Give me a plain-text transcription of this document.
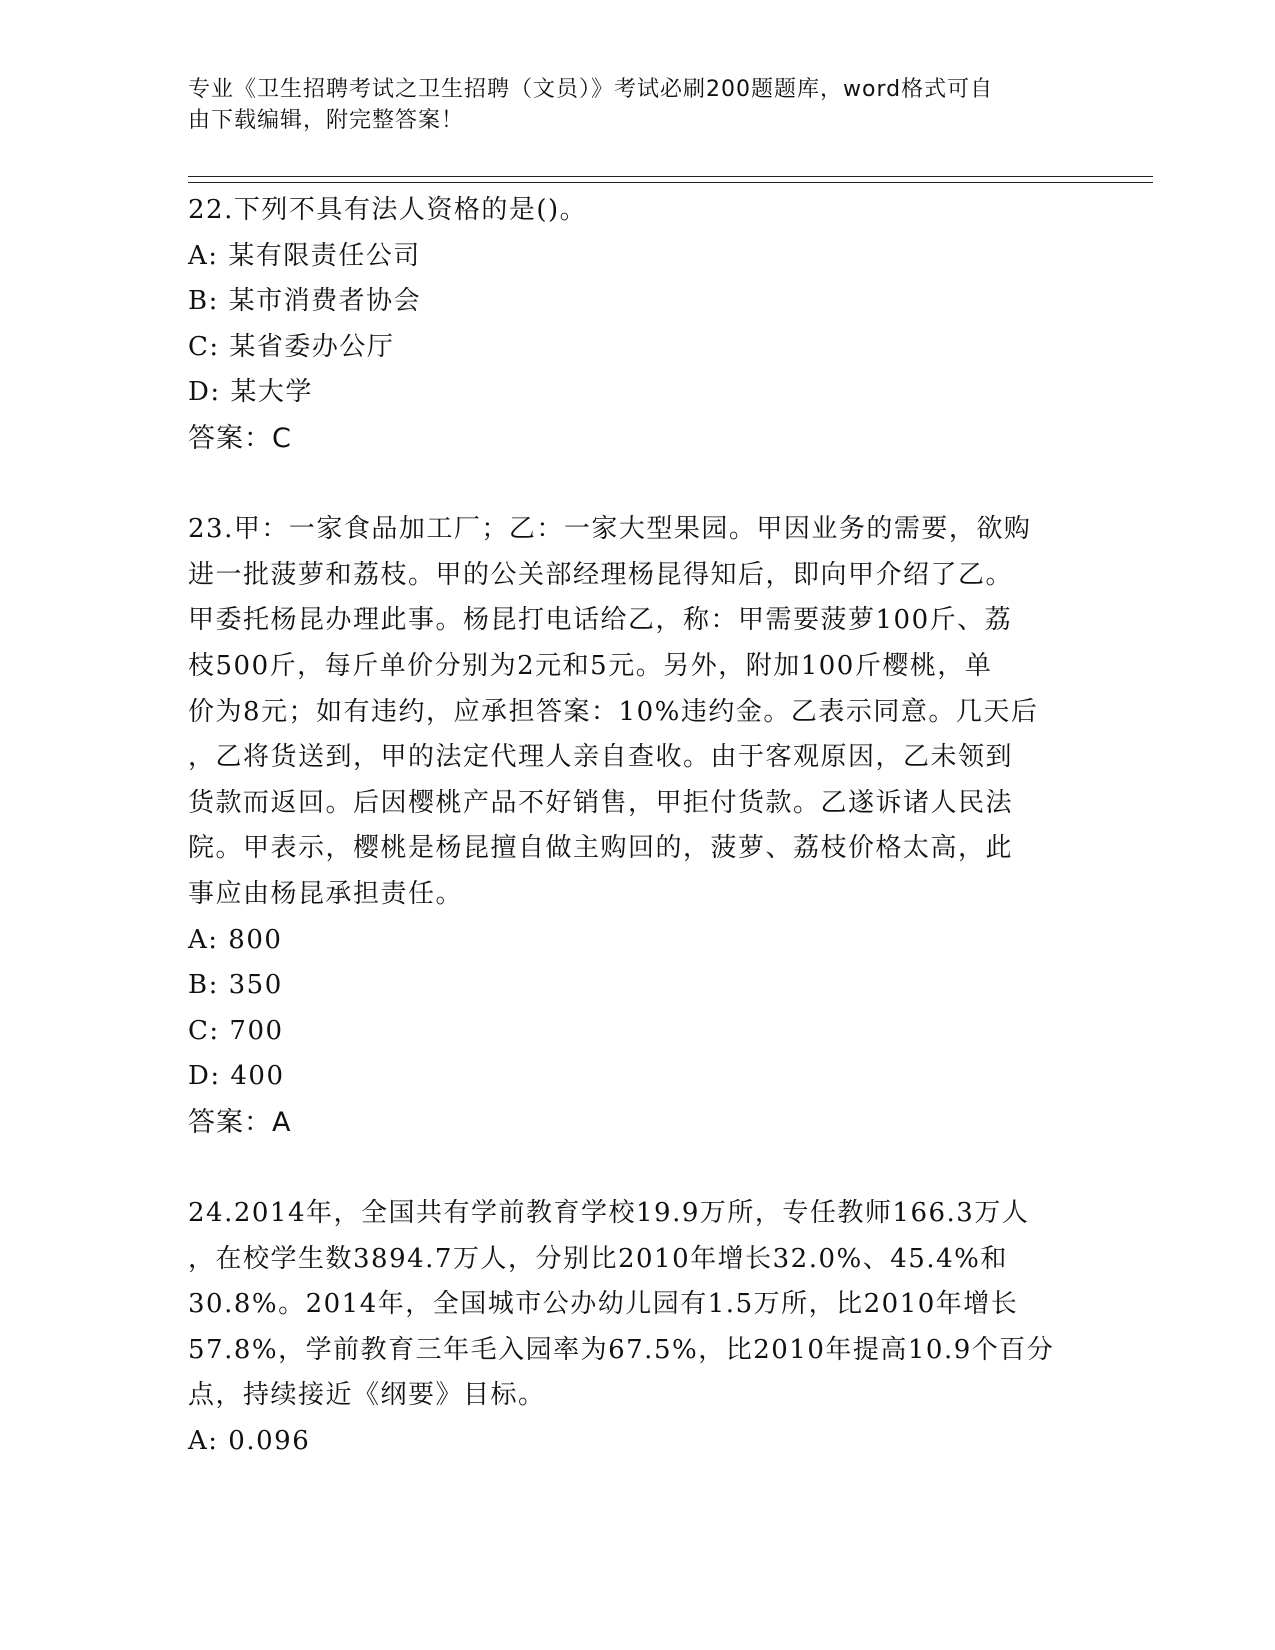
专业《卫生招聘考试之卫生招聘（文员）》考试必刷200题题库，word格式可自
由下载编辑，附完整答案！

22.下列不具有法人资格的是()。

A: 某有限责任公司

B: 某市消费者协会

C: 某省委办公厅

D: 某大学

答案：C

23.甲：一家食品加工厂；乙：一家大型果园。甲因业务的需要，欲购

进一批菠萝和荔枝。甲的公关部经理杨昆得知后，即向甲介绍了乙。

甲委托杨昆办理此事。杨昆打电话给乙，称：甲需要菠萝100斤、荔

枝500斤，每斤单价分别为2元和5元。另外，附加100斤樱桃，单

价为8元；如有违约，应承担答案：10%违约金。乙表示同意。几天后

，乙将货送到，甲的法定代理人亲自查收。由于客观原因，乙未领到

货款而返回。后因樱桃产品不好销售，甲拒付货款。乙遂诉诸人民法

院。甲表示，樱桃是杨昆擅自做主购回的，菠萝、荔枝价格太高，此

事应由杨昆承担责任。

A: 800

B: 350

C: 700

D: 400

答案：A

24.2014年，全国共有学前教育学校19.9万所，专任教师166.3万人

，在校学生数3894.7万人，分别比2010年增长32.0%、45.4%和

30.8%。2014年，全国城市公办幼儿园有1.5万所，比2010年增长

57.8%，学前教育三年毛入园率为67.5%，比2010年提高10.9个百分

点，持续接近《纲要》目标。

A: 0.096
